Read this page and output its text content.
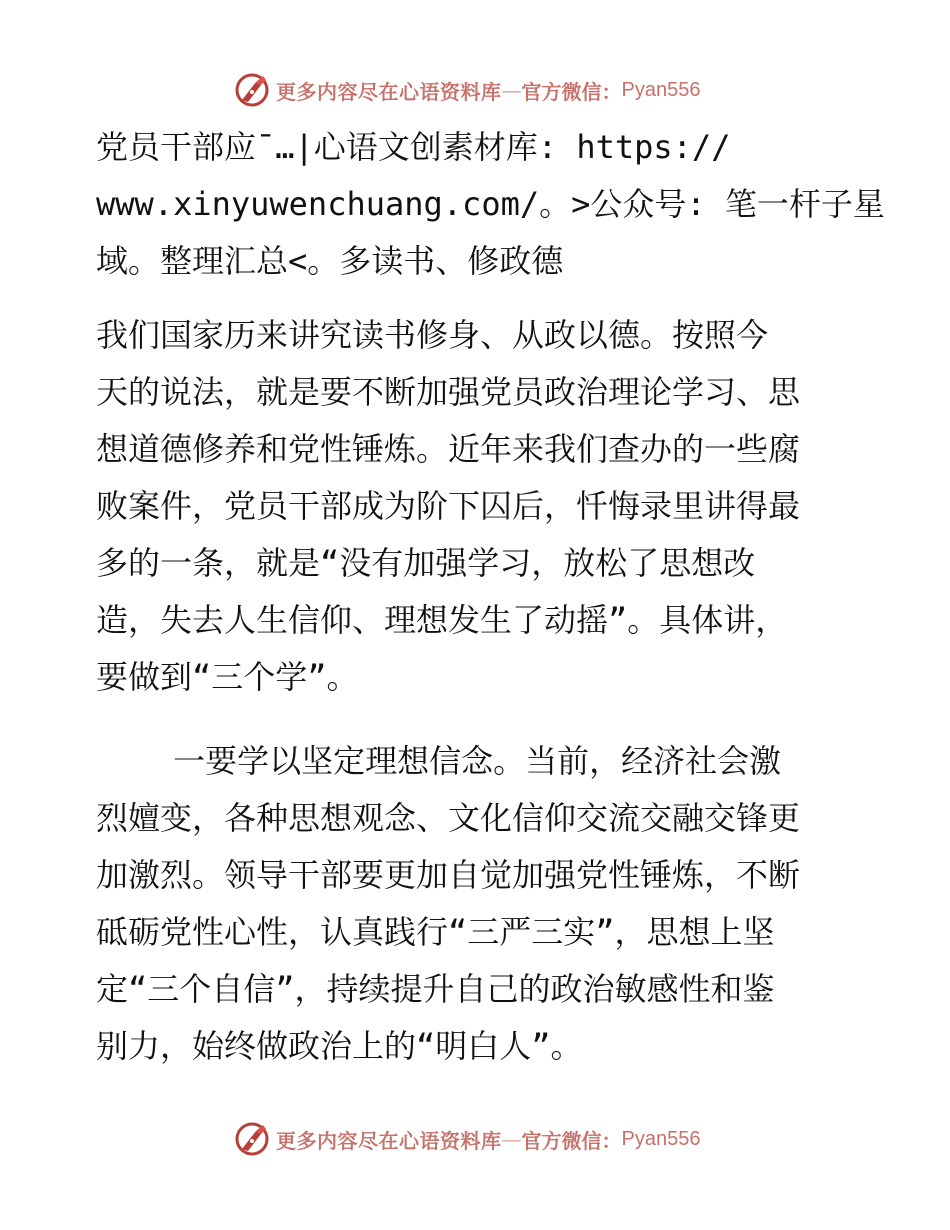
更多内容尽在心语资料库 — 官方微信： Pyan556
党员干部应¯…|心语文创素材库: https://
www.xinyuwenchuang.com/。>公众号: 笔一杆子星
域。整理汇总<。多读书、修政德
我们国家历来讲究读书修身、从政以德。按照今
天的说法，就是要不断加强党员政治理论学习、思
想道德修养和党性锤炼。近年来我们查办的一些腐
败案件，党员干部成为阶下囚后，忏悔录里讲得最
多的一条，就是“没有加强学习，放松了思想改
造，失去人生信仰、理想发生了动摇”。具体讲，
要做到“三个学”。
一要学以坚定理想信念。当前，经济社会激
烈嬗变，各种思想观念、文化信仰交流交融交锋更
加激烈。领导干部要更加自觉加强党性锤炼，不断
砥砺党性心性，认真践行“三严三实”，思想上坚
定“三个自信”，持续提升自己的政治敏感性和鉴
别力，始终做政治上的“明白人”。
更多内容尽在心语资料库 — 官方微信： Pyan556
